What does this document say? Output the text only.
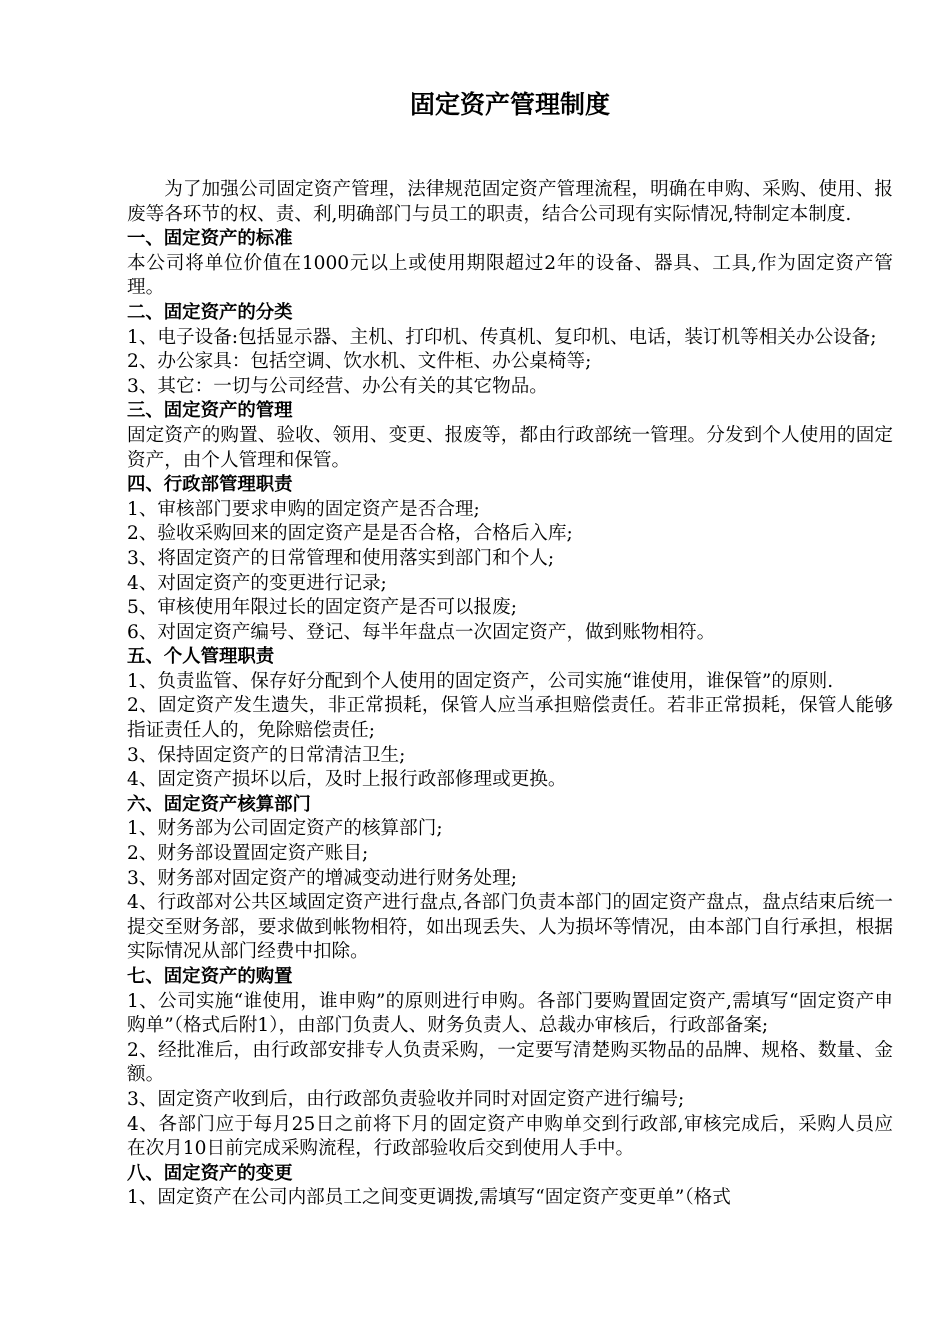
固定资产管理制度

为了加强公司固定资产管理，法律规范固定资产管理流程，明确在申购、采购、使用、报废等各环节的权、责、利,明确部门与员工的职责，结合公司现有实际情况,特制定本制度.

一、固定资产的标准

本公司将单位价值在1000元以上或使用期限超过2年的设备、器具、工具,作为固定资产管理。

二、固定资产的分类

1、电子设备:包括显示器、主机、打印机、传真机、复印机、电话，装订机等相关办公设备;

2、办公家具：包括空调、饮水机、文件柜、办公桌椅等;

3、其它：一切与公司经营、办公有关的其它物品。

三、固定资产的管理

固定资产的购置、验收、领用、变更、报废等，都由行政部统一管理。分发到个人使用的固定资产，由个人管理和保管。

四、行政部管理职责

1、审核部门要求申购的固定资产是否合理;

2、验收采购回来的固定资产是是否合格，合格后入库;

3、将固定资产的日常管理和使用落实到部门和个人;

4、对固定资产的变更进行记录;

5、审核使用年限过长的固定资产是否可以报废;

6、对固定资产编号、登记、每半年盘点一次固定资产，做到账物相符。

五、个人管理职责

1、负责监管、保存好分配到个人使用的固定资产，公司实施“谁使用，谁保管”的原则.

2、固定资产发生遗失，非正常损耗，保管人应当承担赔偿责任。若非正常损耗，保管人能够指证责任人的，免除赔偿责任;

3、保持固定资产的日常清洁卫生;

4、固定资产损坏以后，及时上报行政部修理或更换。

六、固定资产核算部门

1、财务部为公司固定资产的核算部门;

2、财务部设置固定资产账目;

3、财务部对固定资产的增减变动进行财务处理;

4、行政部对公共区域固定资产进行盘点,各部门负责本部门的固定资产盘点，盘点结束后统一提交至财务部，要求做到帐物相符，如出现丢失、人为损坏等情况，由本部门自行承担，根据实际情况从部门经费中扣除。

七、固定资产的购置

1、公司实施“谁使用，谁申购”的原则进行申购。各部门要购置固定资产,需填写“固定资产申购单”（格式后附1），由部门负责人、财务负责人、总裁办审核后，行政部备案;

2、经批准后，由行政部安排专人负责采购，一定要写清楚购买物品的品牌、规格、数量、金额。

3、固定资产收到后，由行政部负责验收并同时对固定资产进行编号;

4、各部门应于每月25日之前将下月的固定资产申购单交到行政部,审核完成后，采购人员应在次月10日前完成采购流程，行政部验收后交到使用人手中。

八、固定资产的变更

1、固定资产在公司内部员工之间变更调拨,需填写“固定资产变更单”（格式
